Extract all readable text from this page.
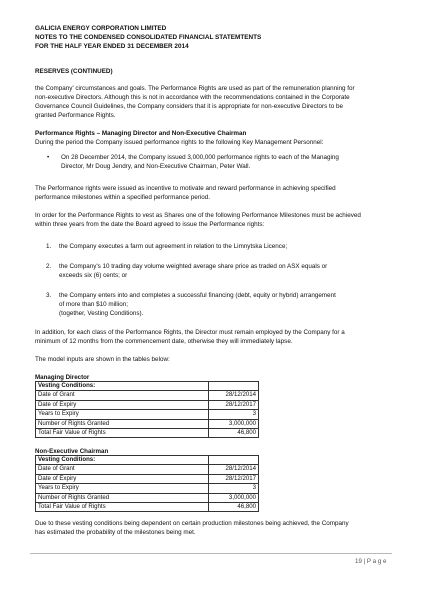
GALICIA ENERGY CORPORATION LIMITED
NOTES TO THE CONDENSED CONSOLIDATED FINANCIAL STATEMTENTS
FOR THE HALF YEAR ENDED 31 DECEMBER 2014
RESERVES (CONTINUED)

the Company' circumstances and goals. The Performance Rights are used as part of the remuneration planning for

non-executive Directors. Although this is not in accordance with the recommendations contained in the Corporate

Governance Council Guidelines, the Company considers that it is appropriate for non-executive Directors to be

granted Performance Rights.

Performance Rights – Managing Director and Non-Executive Chairman
During the period the Company issued performance rights to the following Key Management Personnel:
• On 28 December 2014, the Company issued 3,000,000 performance rights to each of the Managing

Director, Mr Doug Jendry, and Non-Executive Chairman, Peter Wall.

The Performance rights were issued as incentive to motivate and reward performance in achieving specified

performance milestones within a specified performance period.

In order for the Performance Rights to vest as Shares one of the following Performance Milestones must be achieved

within three years from the date the Board agreed to issue the Performance rights:

1. the Company executes a farm out agreement in relation to the Limnytska Licence;

2. the Company's 10 trading day volume weighted average share price as traded on ASX equals or

exceeds six (6) cents; or

3. the Company enters into and completes a successful financing (debt, equity or hybrid) arrangement

of more than $10 million;

(together, Vesting Conditions).

In addition, for each class of the Performance Rights, the Director must remain employed by the Company for a

minimum of 12 months from the commencement date, otherwise they will immediately lapse.

The model inputs are shown in the tables below:
Managing Director
Vesting Conditions:	
Date of Grant	28/12/2014
Date of Expiry	28/12/2017
Years to Expiry	3
Number of Rights Granted	3,000,000
Total Fair Value of Rights	46,800
Non-Executive Chairman
Vesting Conditions:	
Date of Grant	28/12/2014
Date of Expiry	28/12/2017
Years to Expiry	3
Number of Rights Granted	3,000,000
Total Fair Value of Rights	46,800

Due to these vesting conditions being dependent on certain production milestones being achieved, the Company

has estimated the probability of the milestones being met.

19 | P a g e
